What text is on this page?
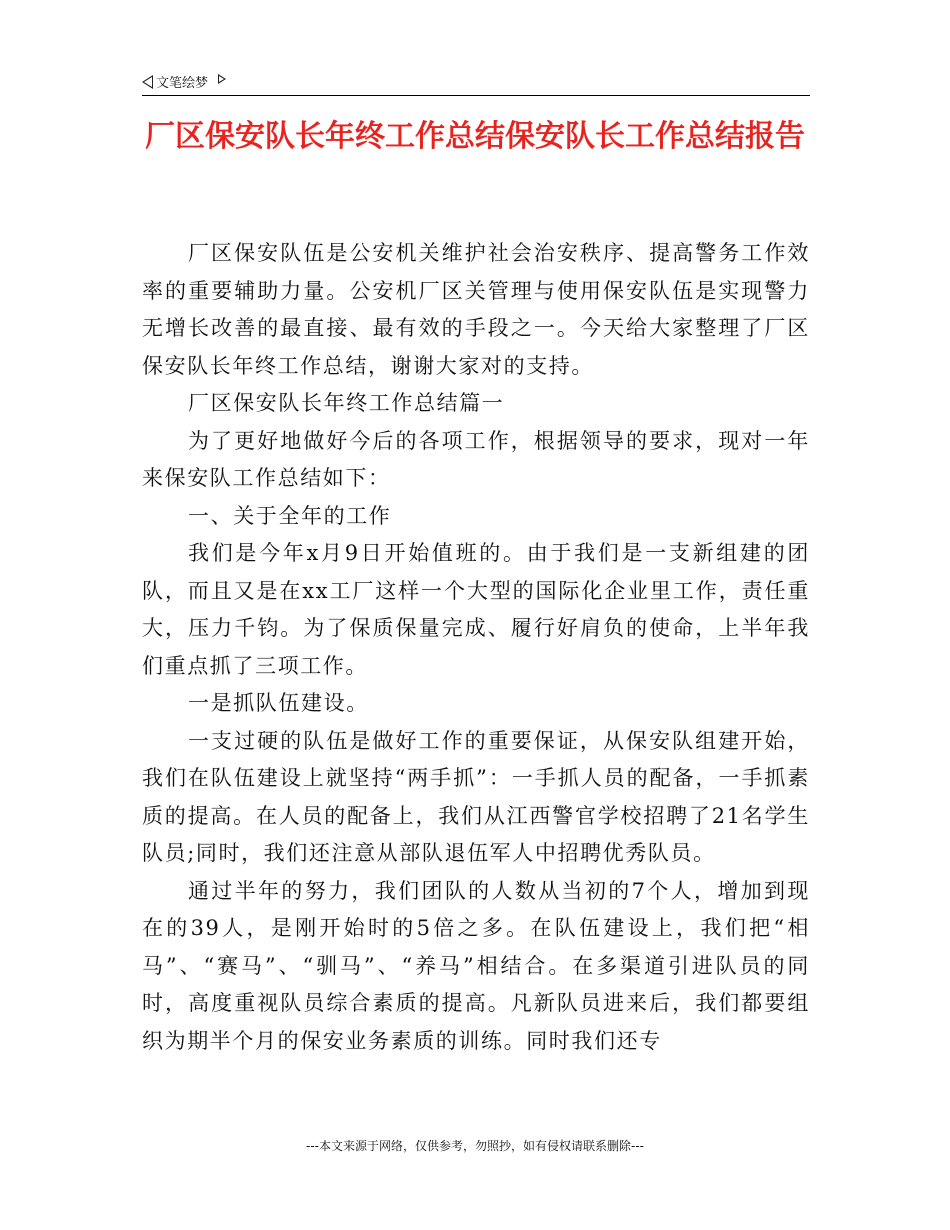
文笔绘梦
厂区保安队长年终工作总结保安队长工作总结报告

厂区保安队伍是公安机关维护社会治安秩序、提高警务工作效率的重要辅助力量。公安机厂区关管理与使用保安队伍是实现警力无增长改善的最直接、最有效的手段之一。今天给大家整理了厂区保安队长年终工作总结，谢谢大家对的支持。

厂区保安队长年终工作总结篇一

为了更好地做好今后的各项工作，根据领导的要求，现对一年来保安队工作总结如下：

一、关于全年的工作

我们是今年x月9日开始值班的。由于我们是一支新组建的团队，而且又是在xx工厂这样一个大型的国际化企业里工作，责任重大，压力千钧。为了保质保量完成、履行好肩负的使命，上半年我们重点抓了三项工作。

一是抓队伍建设。

一支过硬的队伍是做好工作的重要保证，从保安队组建开始，我们在队伍建设上就坚持“两手抓”：一手抓人员的配备，一手抓素质的提高。在人员的配备上，我们从江西警官学校招聘了21名学生队员;同时，我们还注意从部队退伍军人中招聘优秀队员。

通过半年的努力，我们团队的人数从当初的7个人，增加到现在的39人，是刚开始时的5倍之多。在队伍建设上，我们把“相马”、“赛马”、“驯马”、“养马”相结合。在多渠道引进队员的同时，高度重视队员综合素质的提高。凡新队员进来后，我们都要组织为期半个月的保安业务素质的训练。同时我们还专

---本文来源于网络，仅供参考，勿照抄，如有侵权请联系删除---
